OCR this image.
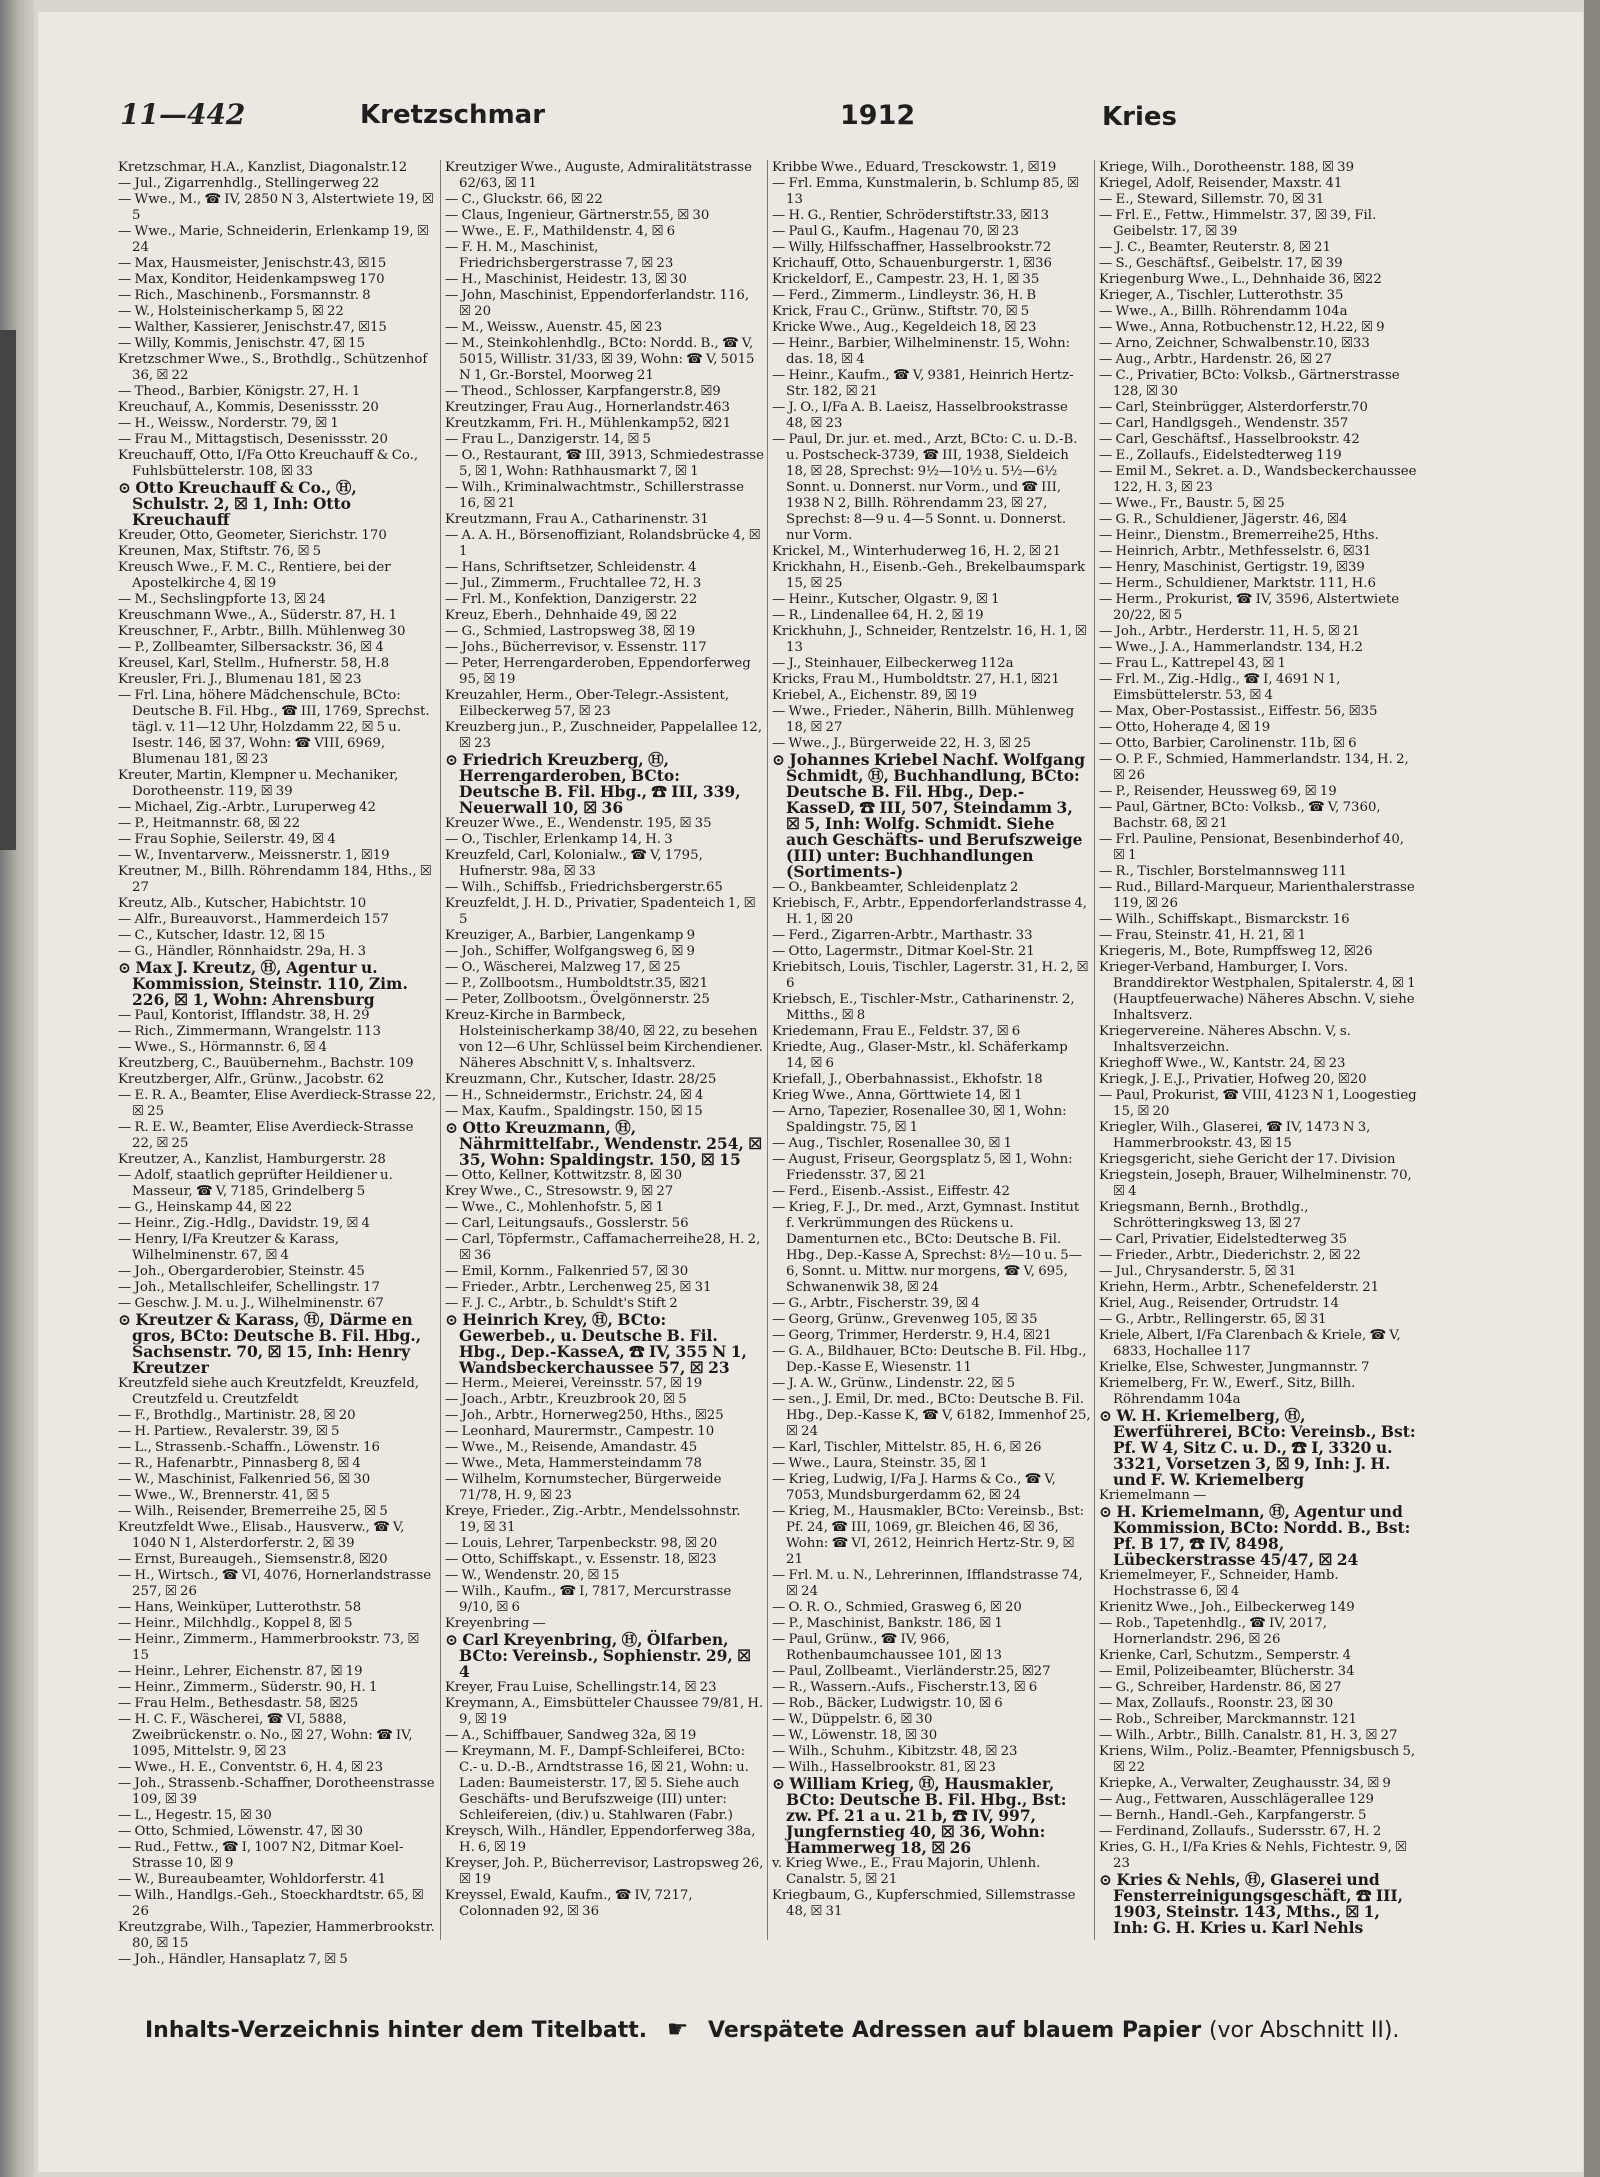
11—442	Kretzschmar	1912	Kries
Kretzschmar, H.A., Kanzlist, Diagonalstr.12
— Jul., Zigarrenhdlg., Stellingerweg 22
— Wwe., M., ☎ IV, 2850 N 3, Alstertwiete 19, ☒ 5
— Wwe., Marie, Schneiderin, Erlenkamp 19, ☒ 24
— Max, Hausmeister, Jenischstr.43, ☒15
— Max, Konditor, Heidenkampsweg 170
— Rich., Maschinenb., Forsmannstr. 8
— W., Holsteinischerkamp 5, ☒ 22
— Walther, Kassierer, Jenischstr.47, ☒15
— Willy, Kommis, Jenischstr. 47, ☒ 15
Kretzschmer Wwe., S., Brothdlg., Schützenhof 36, ☒ 22
— Theod., Barbier, Königstr. 27, H. 1
Kreuchauf, A., Kommis, Desenissstr. 20
— H., Weissw., Norderstr. 79, ☒ 1
— Frau M., Mittagstisch, Desenissstr. 20
Kreuchauff, Otto, I/Fa Otto Kreuchauff & Co., Fuhlsbüttelerstr. 108, ☒ 33
⊙ Otto Kreuchauff & Co., Ⓗ, Schulstr. 2, ☒ 1, Inh: Otto Kreuchauff
Kreuder, Otto, Geometer, Sierichstr. 170
Kreunen, Max, Stiftstr. 76, ☒ 5
Kreusch Wwe., F. M. C., Rentiere, bei der Apostelkirche 4, ☒ 19
— M., Sechslingpforte 13, ☒ 24
Kreuschmann Wwe., A., Süderstr. 87, H. 1
Kreuschner, F., Arbtr., Billh. Mühlenweg 30
— P., Zollbeamter, Silbersackstr. 36, ☒ 4
Kreusel, Karl, Stellm., Hufnerstr. 58, H.8
Kreusler, Fri. J., Blumenau 181, ☒ 23
— Frl. Lina, höhere Mädchenschule, BCto: Deutsche B. Fil. Hbg., ☎ III, 1769, Sprechst. tägl. v. 11—12 Uhr, Holzdamm 22, ☒ 5 u. Isestr. 146, ☒ 37, Wohn: ☎ VIII, 6969, Blumenau 181, ☒ 23
Kreuter, Martin, Klempner u. Mechaniker, Dorotheenstr. 119, ☒ 39
— Michael, Zig.-Arbtr., Luruperweg 42
— P., Heitmannstr. 68, ☒ 22
— Frau Sophie, Seilerstr. 49, ☒ 4
— W., Inventarverw., Meissnerstr. 1, ☒19
Kreutner, M., Billh. Röhrendamm 184, Hths., ☒ 27
Kreutz, Alb., Kutscher, Habichtstr. 10
— Alfr., Bureauvorst., Hammerdeich 157
— C., Kutscher, Idastr. 12, ☒ 15
— G., Händler, Rönnhaidstr. 29a, H. 3
⊙ Max J. Kreutz, Ⓗ, Agentur u. Kommission, Steinstr. 110, Zim. 226, ☒ 1, Wohn: Ahrensburg
— Paul, Kontorist, Ifflandstr. 38, H. 29
— Rich., Zimmermann, Wrangelstr. 113
— Wwe., S., Hörmannstr. 6, ☒ 4
Kreutzberg, C., Bauübernehm., Bachstr. 109
Kreutzberger, Alfr., Grünw., Jacobstr. 62
— E. R. A., Beamter, Elise Averdieck-Strasse 22, ☒ 25
— R. E. W., Beamter, Elise Averdieck-Strasse 22, ☒ 25
Kreutzer, A., Kanzlist, Hamburgerstr. 28
— Adolf, staatlich geprüfter Heildiener u. Masseur, ☎ V, 7185, Grindelberg 5
— G., Heinskamp 44, ☒ 22
— Heinr., Zig.-Hdlg., Davidstr. 19, ☒ 4
— Henry, I/Fa Kreutzer & Karass, Wilhelminenstr. 67, ☒ 4
— Joh., Obergarderobier, Steinstr. 45
— Joh., Metallschleifer, Schellingstr. 17
— Geschw. J. M. u. J., Wilhelminenstr. 67
⊙ Kreutzer & Karass, Ⓗ, Därme en gros, BCto: Deutsche B. Fil. Hbg., Sachsenstr. 70, ☒ 15, Inh: Henry Kreutzer
Kreutzfeld siehe auch Kreutzfeldt, Kreuzfeld, Creutzfeld u. Creutzfeldt
— F., Brothdlg., Martinistr. 28, ☒ 20
— H. Partiew., Revalerstr. 39, ☒ 5
— L., Strassenb.-Schaffn., Löwenstr. 16
— R., Hafenarbtr., Pinnasberg 8, ☒ 4
— W., Maschinist, Falkenried 56, ☒ 30
— Wwe., W., Brennerstr. 41, ☒ 5
— Wilh., Reisender, Bremerreihe 25, ☒ 5
Kreutzfeldt Wwe., Elisab., Hausverw., ☎ V, 1040 N 1, Alsterdorferstr. 2, ☒ 39
— Ernst, Bureaugeh., Siemsenstr.8, ☒20
— H., Wirtsch., ☎ VI, 4076, Hornerlandstrasse 257, ☒ 26
— Hans, Weinküper, Lutterothstr. 58
— Heinr., Milchhdlg., Koppel 8, ☒ 5
— Heinr., Zimmerm., Hammerbrookstr. 73, ☒ 15
— Heinr., Lehrer, Eichenstr. 87, ☒ 19
— Heinr., Zimmerm., Süderstr. 90, H. 1
— Frau Helm., Bethesdastr. 58, ☒25
— H. C. F., Wäscherei, ☎ VI, 5888, Zweibrückenstr. o. No., ☒ 27, Wohn: ☎ IV, 1095, Mittelstr. 9, ☒ 23
— Wwe., H. E., Conventstr. 6, H. 4, ☒ 23
— Joh., Strassenb.-Schaffner, Dorotheenstrasse 109, ☒ 39
— L., Hegestr. 15, ☒ 30
— Otto, Schmied, Löwenstr. 47, ☒ 30
— Rud., Fettw., ☎ I, 1007 N2, Ditmar Koel-Strasse 10, ☒ 9
— W., Bureaubeamter, Wohldorferstr. 41
— Wilh., Handlgs.-Geh., Stoeckhardtstr. 65, ☒ 26
Kreutzgrabe, Wilh., Tapezier, Hammerbrookstr. 80, ☒ 15
— Joh., Händler, Hansaplatz 7, ☒ 5
Kreutziger Wwe., Auguste, Admiralitätstrasse 62/63, ☒ 11
— C., Gluckstr. 66, ☒ 22
— Claus, Ingenieur, Gärtnerstr.55, ☒ 30
— Wwe., E. F., Mathildenstr. 4, ☒ 6
— F. H. M., Maschinist, Friedrichsbergerstrasse 7, ☒ 23
— H., Maschinist, Heidestr. 13, ☒ 30
— John, Maschinist, Eppendorferlandstr. 116, ☒ 20
— M., Weissw., Auenstr. 45, ☒ 23
— M., Steinkohlenhdlg., BCto: Nordd. B., ☎ V, 5015, Willistr. 31/33, ☒ 39, Wohn: ☎ V, 5015 N 1, Gr.-Borstel, Moorweg 21
— Theod., Schlosser, Karpfangerstr.8, ☒9
Kreutzinger, Frau Aug., Hornerlandstr.463
Kreutzkamm, Fri. H., Mühlenkamp52, ☒21
— Frau L., Danzigerstr. 14, ☒ 5
— O., Restaurant, ☎ III, 3913, Schmiedestrasse 5, ☒ 1, Wohn: Rathhausmarkt 7, ☒ 1
— Wilh., Kriminalwachtmstr., Schillerstrasse 16, ☒ 21
Kreutzmann, Frau A., Catharinenstr. 31
— A. A. H., Börsenoffiziant, Rolandsbrücke 4, ☒ 1
— Hans, Schriftsetzer, Schleidenstr. 4
— Jul., Zimmerm., Fruchtallee 72, H. 3
— Frl. M., Konfektion, Danzigerstr. 22
Kreuz, Eberh., Dehnhaide 49, ☒ 22
— G., Schmied, Lastropsweg 38, ☒ 19
— Johs., Bücherrevisor, v. Essenstr. 117
— Peter, Herrengarderoben, Eppendorferweg 95, ☒ 19
Kreuzahler, Herm., Ober-Telegr.-Assistent, Eilbeckerweg 57, ☒ 23
Kreuzberg jun., P., Zuschneider, Pappelallee 12, ☒ 23
⊙ Friedrich Kreuzberg, Ⓗ, Herrengarderoben, BCto: Deutsche B. Fil. Hbg., ☎ III, 339, Neuerwall 10, ☒ 36
Kreuzer Wwe., E., Wendenstr. 195, ☒ 35
— O., Tischler, Erlenkamp 14, H. 3
Kreuzfeld, Carl, Kolonialw., ☎ V, 1795, Hufnerstr. 98a, ☒ 33
— Wilh., Schiffsb., Friedrichsbergerstr.65
Kreuzfeldt, J. H. D., Privatier, Spadenteich 1, ☒ 5
Kreuziger, A., Barbier, Langenkamp 9
— Joh., Schiffer, Wolfgangsweg 6, ☒ 9
— O., Wäscherei, Malzweg 17, ☒ 25
— P., Zollbootsm., Humboldtstr.35, ☒21
— Peter, Zollbootsm., Övelgönnerstr. 25
Kreuz-Kirche in Barmbeck, Holsteinischerkamp 38/40, ☒ 22, zu besehen von 12—6 Uhr, Schlüssel beim Kirchendiener. Näheres Abschnitt V, s. Inhaltsverz.
Kreuzmann, Chr., Kutscher, Idastr. 28/25
— H., Schneidermstr., Erichstr. 24, ☒ 4
— Max, Kaufm., Spaldingstr. 150, ☒ 15
⊙ Otto Kreuzmann, Ⓗ, Nährmittelfabr., Wendenstr. 254, ☒ 35, Wohn: Spaldingstr. 150, ☒ 15
— Otto, Kellner, Kottwitzstr. 8, ☒ 30
Krey Wwe., C., Stresowstr. 9, ☒ 27
— Wwe., C., Mohlenhofstr. 5, ☒ 1
— Carl, Leitungsaufs., Gosslerstr. 56
— Carl, Töpfermstr., Caffamacherreihe28, H. 2, ☒ 36
— Emil, Kornm., Falkenried 57, ☒ 30
— Frieder., Arbtr., Lerchenweg 25, ☒ 31
— F. J. C., Arbtr., b. Schuldt's Stift 2
⊙ Heinrich Krey, Ⓗ, BCto: Gewerbeb., u. Deutsche B. Fil. Hbg., Dep.-KasseA, ☎ IV, 355 N 1, Wandsbeckerchaussee 57, ☒ 23
— Herm., Meierei, Vereinsstr. 57, ☒ 19
— Joach., Arbtr., Kreuzbrook 20, ☒ 5
— Joh., Arbtr., Hornerweg250, Hths., ☒25
— Leonhard, Maurermstr., Campestr. 10
— Wwe., M., Reisende, Amandastr. 45
— Wwe., Meta, Hammersteindamm 78
— Wilhelm, Kornumstecher, Bürgerweide 71/78, H. 9, ☒ 23
Kreye, Frieder., Zig.-Arbtr., Mendelssohnstr. 19, ☒ 31
— Louis, Lehrer, Tarpenbeckstr. 98, ☒ 20
— Otto, Schiffskapt., v. Essenstr. 18, ☒23
— W., Wendenstr. 20, ☒ 15
— Wilh., Kaufm., ☎ I, 7817, Mercurstrasse 9/10, ☒ 6
Kreyenbring —
⊙ Carl Kreyenbring, Ⓗ, Ölfarben, BCto: Vereinsb., Sophienstr. 29, ☒ 4
Kreyer, Frau Luise, Schellingstr.14, ☒ 23
Kreymann, A., Eimsbütteler Chaussee 79/81, H. 9, ☒ 19
— A., Schiffbauer, Sandweg 32a, ☒ 19
— Kreymann, M. F., Dampf-Schleiferei, BCto: C.- u. D.-B., Arndtstrasse 16, ☒ 21, Wohn: u. Laden: Baumeisterstr. 17, ☒ 5. Siehe auch Geschäfts- und Berufszweige (III) unter: Schleifereien, (div.) u. Stahlwaren (Fabr.)
Kreysch, Wilh., Händler, Eppendorferweg 38a, H. 6, ☒ 19
Kreyser, Joh. P., Bücherrevisor, Lastropsweg 26, ☒ 19
Kreyssel, Ewald, Kaufm., ☎ IV, 7217, Colonnaden 92, ☒ 36
Kribbe Wwe., Eduard, Tresckowstr. 1, ☒19
— Frl. Emma, Kunstmalerin, b. Schlump 85, ☒ 13
— H. G., Rentier, Schröderstiftstr.33, ☒13
— Paul G., Kaufm., Hagenau 70, ☒ 23
— Willy, Hilfsschaffner, Hasselbrookstr.72
Krichauff, Otto, Schauenburgerstr. 1, ☒36
Krickeldorf, E., Campestr. 23, H. 1, ☒ 35
— Ferd., Zimmerm., Lindleystr. 36, H. B
Krick, Frau C., Grünw., Stiftstr. 70, ☒ 5
Kricke Wwe., Aug., Kegeldeich 18, ☒ 23
— Heinr., Barbier, Wilhelminenstr. 15, Wohn: das. 18, ☒ 4
— Heinr., Kaufm., ☎ V, 9381, Heinrich Hertz-Str. 182, ☒ 21
— J. O., I/Fa A. B. Laeisz, Hasselbrookstrasse 48, ☒ 23
— Paul, Dr. jur. et. med., Arzt, BCto: C. u. D.-B. u. Postscheck-3739, ☎ III, 1938, Sieldeich 18, ☒ 28, Sprechst: 9½—10½ u. 5½—6½ Sonnt. u. Donnerst. nur Vorm., und ☎ III, 1938 N 2, Billh. Röhrendamm 23, ☒ 27, Sprechst: 8—9 u. 4—5 Sonnt. u. Donnerst. nur Vorm.
Krickel, M., Winterhuderweg 16, H. 2, ☒ 21
Krickhahn, H., Eisenb.-Geh., Brekelbaumspark 15, ☒ 25
— Heinr., Kutscher, Olgastr. 9, ☒ 1
— R., Lindenallee 64, H. 2, ☒ 19
Krickhuhn, J., Schneider, Rentzelstr. 16, H. 1, ☒ 13
— J., Steinhauer, Eilbeckerweg 112a
Kricks, Frau M., Humboldtstr. 27, H.1, ☒21
Kriebel, A., Eichenstr. 89, ☒ 19
— Wwe., Frieder., Näherin, Billh. Mühlenweg 18, ☒ 27
— Wwe., J., Bürgerweide 22, H. 3, ☒ 25
⊙ Johannes Kriebel Nachf. Wolfgang Schmidt, Ⓗ, Buchhandlung, BCto: Deutsche B. Fil. Hbg., Dep.-KasseD, ☎ III, 507, Steindamm 3, ☒ 5, Inh: Wolfg. Schmidt. Siehe auch Geschäfts- und Berufszweige (III) unter: Buchhandlungen (Sortiments-)
— O., Bankbeamter, Schleidenplatz 2
Kriebisch, F., Arbtr., Eppendorferlandstrasse 4, H. 1, ☒ 20
— Ferd., Zigarren-Arbtr., Marthastr. 33
— Otto, Lagermstr., Ditmar Koel-Str. 21
Kriebitsch, Louis, Tischler, Lagerstr. 31, H. 2, ☒ 6
Kriebsch, E., Tischler-Mstr., Catharinenstr. 2, Mitths., ☒ 8
Kriedemann, Frau E., Feldstr. 37, ☒ 6
Kriedte, Aug., Glaser-Mstr., kl. Schäferkamp 14, ☒ 6
Kriefall, J., Oberbahnassist., Ekhofstr. 18
Krieg Wwe., Anna, Görttwiete 14, ☒ 1
— Arno, Tapezier, Rosenallee 30, ☒ 1, Wohn: Spaldingstr. 75, ☒ 1
— Aug., Tischler, Rosenallee 30, ☒ 1
— August, Friseur, Georgsplatz 5, ☒ 1, Wohn: Friedensstr. 37, ☒ 21
— Ferd., Eisenb.-Assist., Eiffestr. 42
— Krieg, F. J., Dr. med., Arzt, Gymnast. Institut f. Verkrümmungen des Rückens u. Damenturnen etc., BCto: Deutsche B. Fil. Hbg., Dep.-Kasse A, Sprechst: 8½—10 u. 5—6, Sonnt. u. Mittw. nur morgens, ☎ V, 695, Schwanenwik 38, ☒ 24
— G., Arbtr., Fischerstr. 39, ☒ 4
— Georg, Grünw., Grevenweg 105, ☒ 35
— Georg, Trimmer, Herderstr. 9, H.4, ☒21
— G. A., Bildhauer, BCto: Deutsche B. Fil. Hbg., Dep.-Kasse E, Wiesenstr. 11
— J. A. W., Grünw., Lindenstr. 22, ☒ 5
— sen., J. Emil, Dr. med., BCto: Deutsche B. Fil. Hbg., Dep.-Kasse K, ☎ V, 6182, Immenhof 25, ☒ 24
— Karl, Tischler, Mittelstr. 85, H. 6, ☒ 26
— Wwe., Laura, Steinstr. 35, ☒ 1
— Krieg, Ludwig, I/Fa J. Harms & Co., ☎ V, 7053, Mundsburgerdamm 62, ☒ 24
— Krieg, M., Hausmakler, BCto: Vereinsb., Bst: Pf. 24, ☎ III, 1069, gr. Bleichen 46, ☒ 36, Wohn: ☎ VI, 2612, Heinrich Hertz-Str. 9, ☒ 21
— Frl. M. u. N., Lehrerinnen, Ifflandstrasse 74, ☒ 24
— O. R. O., Schmied, Grasweg 6, ☒ 20
— P., Maschinist, Bankstr. 186, ☒ 1
— Paul, Grünw., ☎ IV, 966, Rothenbaumchaussee 101, ☒ 13
— Paul, Zollbeamt., Vierländerstr.25, ☒27
— R., Wassern.-Aufs., Fischerstr.13, ☒ 6
— Rob., Bäcker, Ludwigstr. 10, ☒ 6
— W., Düppelstr. 6, ☒ 30
— W., Löwenstr. 18, ☒ 30
— Wilh., Schuhm., Kibitzstr. 48, ☒ 23
— Wilh., Hasselbrookstr. 81, ☒ 23
⊙ William Krieg, Ⓗ, Hausmakler, BCto: Deutsche B. Fil. Hbg., Bst: zw. Pf. 21 a u. 21 b, ☎ IV, 997, Jungfernstieg 40, ☒ 36, Wohn: Hammerweg 18, ☒ 26
v. Krieg Wwe., E., Frau Majorin, Uhlenh. Canalstr. 5, ☒ 21
Kriegbaum, G., Kupferschmied, Sillemstrasse 48, ☒ 31
Kriege, Wilh., Dorotheenstr. 188, ☒ 39
Kriegel, Adolf, Reisender, Maxstr. 41
— E., Steward, Sillemstr. 70, ☒ 31
— Frl. E., Fettw., Himmelstr. 37, ☒ 39, Fil. Geibelstr. 17, ☒ 39
— J. C., Beamter, Reuterstr. 8, ☒ 21
— S., Geschäftsf., Geibelstr. 17, ☒ 39
Kriegenburg Wwe., L., Dehnhaide 36, ☒22
Krieger, A., Tischler, Lutterothstr. 35
— Wwe., A., Billh. Röhrendamm 104a
— Wwe., Anna, Rotbuchenstr.12, H.22, ☒ 9
— Arno, Zeichner, Schwalbenstr.10, ☒33
— Aug., Arbtr., Hardenstr. 26, ☒ 27
— C., Privatier, BCto: Volksb., Gärtnerstrasse 128, ☒ 30
— Carl, Steinbrügger, Alsterdorferstr.70
— Carl, Handlgsgeh., Wendenstr. 357
— Carl, Geschäftsf., Hasselbrookstr. 42
— E., Zollaufs., Eidelstedterweg 119
— Emil M., Sekret. a. D., Wandsbeckerchaussee 122, H. 3, ☒ 23
— Wwe., Fr., Baustr. 5, ☒ 25
— G. R., Schuldiener, Jägerstr. 46, ☒4
— Heinr., Dienstm., Bremerreihe25, Hths.
— Heinrich, Arbtr., Methfesselstr. 6, ☒31
— Henry, Maschinist, Gertigstr. 19, ☒39
— Herm., Schuldiener, Marktstr. 111, H.6
— Herm., Prokurist, ☎ IV, 3596, Alstertwiete 20/22, ☒ 5
— Joh., Arbtr., Herderstr. 11, H. 5, ☒ 21
— Wwe., J. A., Hammerlandstr. 134, H.2
— Frau L., Kattrepel 43, ☒ 1
— Frl. M., Zig.-Hdlg., ☎ I, 4691 N 1, Eimsbüttelerstr. 53, ☒ 4
— Max, Ober-Postassist., Eiffestr. 56, ☒35
— Otto, Hoheraде 4, ☒ 19
— Otto, Barbier, Carolinenstr. 11b, ☒ 6
— O. P. F., Schmied, Hammerlandstr. 134, H. 2, ☒ 26
— P., Reisender, Heussweg 69, ☒ 19
— Paul, Gärtner, BCto: Volksb., ☎ V, 7360, Bachstr. 68, ☒ 21
— Frl. Pauline, Pensionat, Besenbinderhof 40, ☒ 1
— R., Tischler, Borstelmannsweg 111
— Rud., Billard-Marqueur, Marienthalerstrasse 119, ☒ 26
— Wilh., Schiffskapt., Bismarckstr. 16
— Frau, Steinstr. 41, H. 21, ☒ 1
Kriegeris, M., Bote, Rumpffsweg 12, ☒26
Krieger-Verband, Hamburger, I. Vors. Branddirektor Westphalen, Spitalerstr. 4, ☒ 1 (Hauptfeuerwache) Näheres Abschn. V, siehe Inhaltsverz.
Kriegervereine. Näheres Abschn. V, s. Inhaltsverzeichn.
Krieghoff Wwe., W., Kantstr. 24, ☒ 23
Kriegk, J. E.J., Privatier, Hofweg 20, ☒20
— Paul, Prokurist, ☎ VIII, 4123 N 1, Loogestieg 15, ☒ 20
Kriegler, Wilh., Glaserei, ☎ IV, 1473 N 3, Hammerbrookstr. 43, ☒ 15
Kriegsgericht, siehe Gericht der 17. Division
Kriegstein, Joseph, Brauer, Wilhelminenstr. 70, ☒ 4
Kriegsmann, Bernh., Brothdlg., Schrötteringksweg 13, ☒ 27
— Carl, Privatier, Eidelstedterweg 35
— Frieder., Arbtr., Diederichstr. 2, ☒ 22
— Jul., Chrysanderstr. 5, ☒ 31
Kriehn, Herm., Arbtr., Schenefelderstr. 21
Kriel, Aug., Reisender, Ortrudstr. 14
— G., Arbtr., Rellingerstr. 65, ☒ 31
Kriele, Albert, I/Fa Clarenbach & Kriele, ☎ V, 6833, Hochallee 117
Krielke, Else, Schwester, Jungmannstr. 7
Kriemelberg, Fr. W., Ewerf., Sitz, Billh. Röhrendamm 104a
⊙ W. H. Kriemelberg, Ⓗ, Ewerführerei, BCto: Vereinsb., Bst: Pf. W 4, Sitz C. u. D., ☎ I, 3320 u. 3321, Vorsetzen 3, ☒ 9, Inh: J. H. und F. W. Kriemelberg
Kriemelmann —
⊙ H. Kriemelmann, Ⓗ, Agentur und Kommission, BCto: Nordd. B., Bst: Pf. B 17, ☎ IV, 8498, Lübeckerstrasse 45/47, ☒ 24
Kriemelmeyer, F., Schneider, Hamb. Hochstrasse 6, ☒ 4
Krienitz Wwe., Joh., Eilbeckerweg 149
— Rob., Tapetenhdlg., ☎ IV, 2017, Hornerlandstr. 296, ☒ 26
Krienke, Carl, Schutzm., Semperstr. 4
— Emil, Polizeibeamter, Blücherstr. 34
— G., Schreiber, Hardenstr. 86, ☒ 27
— Max, Zollaufs., Roonstr. 23, ☒ 30
— Rob., Schreiber, Marckmannstr. 121
— Wilh., Arbtr., Billh. Canalstr. 81, H. 3, ☒ 27
Kriens, Wilm., Poliz.-Beamter, Pfennigsbusch 5, ☒ 22
Kriepke, A., Verwalter, Zeughausstr. 34, ☒ 9
— Aug., Fettwaren, Ausschlägerallee 129
— Bernh., Handl.-Geh., Karpfangerstr. 5
— Ferdinand, Zollaufs., Sudersstr. 67, H. 2
Kries, G. H., I/Fa Kries & Nehls, Fichtestr. 9, ☒ 23
⊙ Kries & Nehls, Ⓗ, Glaserei und Fensterreinigungsgeschäft, ☎ III, 1903, Steinstr. 143, Mths., ☒ 1, Inh: G. H. Kries u. Karl Nehls
Inhalts-Verzeichnis hinter dem Titelbatt. ☛ Verspätete Adressen auf blauem Papier (vor Abschnitt II).
